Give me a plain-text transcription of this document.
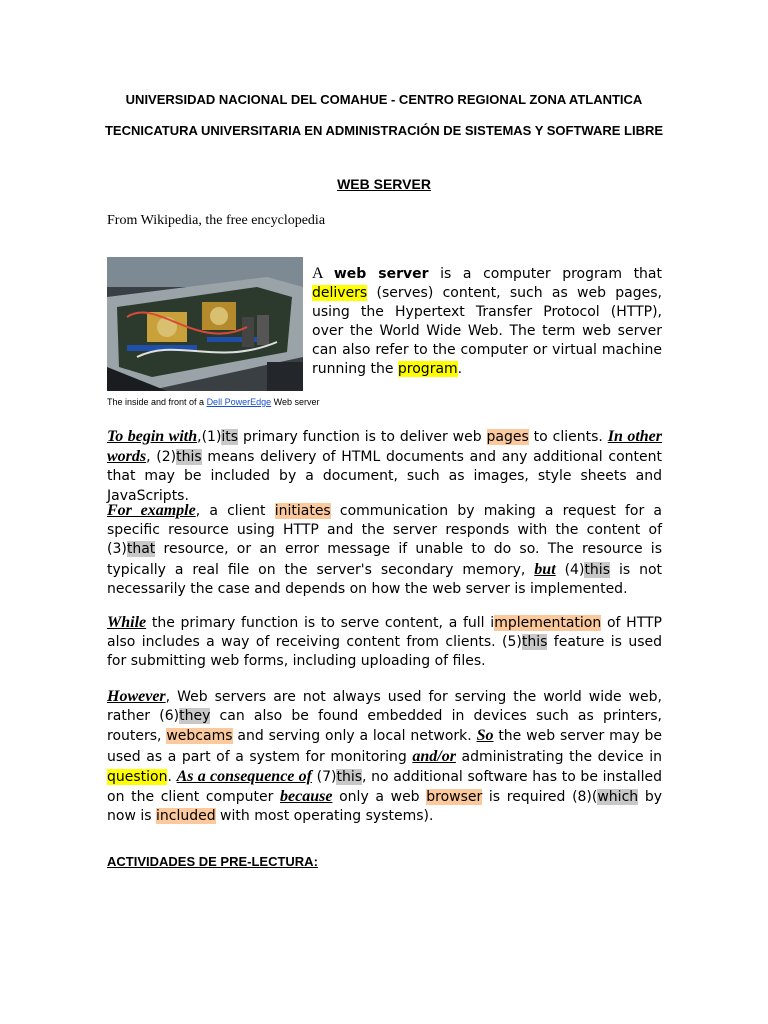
UNIVERSIDAD NACIONAL DEL COMAHUE - CENTRO REGIONAL ZONA ATLANTICA

TECNICATURA UNIVERSITARIA EN ADMINISTRACIÓN DE SISTEMAS Y SOFTWARE LIBRE

WEB SERVER

From Wikipedia, the free encyclopedia

The inside and front of a Dell PowerEdge Web server

A web server is a computer program that delivers (serves) content, such as web pages, using the Hypertext Transfer Protocol (HTTP), over the World Wide Web. The term web server can also refer to the computer or virtual machine running the program.

To begin with,(1)its primary function is to deliver web pages to clients. In other words, (2)this means delivery of HTML documents and any additional content that may be included by a document, such as images, style sheets and JavaScripts.

For example, a client initiates communication by making a request for a specific resource using HTTP and the server responds with the content of (3)that resource, or an error message if unable to do so. The resource is typically a real file on the server's secondary memory, but (4)this is not necessarily the case and depends on how the web server is implemented.

While the primary function is to serve content, a full implementation of HTTP also includes a way of receiving content from clients. (5)this feature is used for submitting web forms, including uploading of files.

However, Web servers are not always used for serving the world wide web, rather (6)they can also be found embedded in devices such as printers, routers, webcams and serving only a local network. So the web server may be used as a part of a system for monitoring and/or administrating the device in question. As a consequence of (7)this, no additional software has to be installed on the client computer because only a web browser is required (8)(which by now is included with most operating systems).

ACTIVIDADES DE PRE-LECTURA:
